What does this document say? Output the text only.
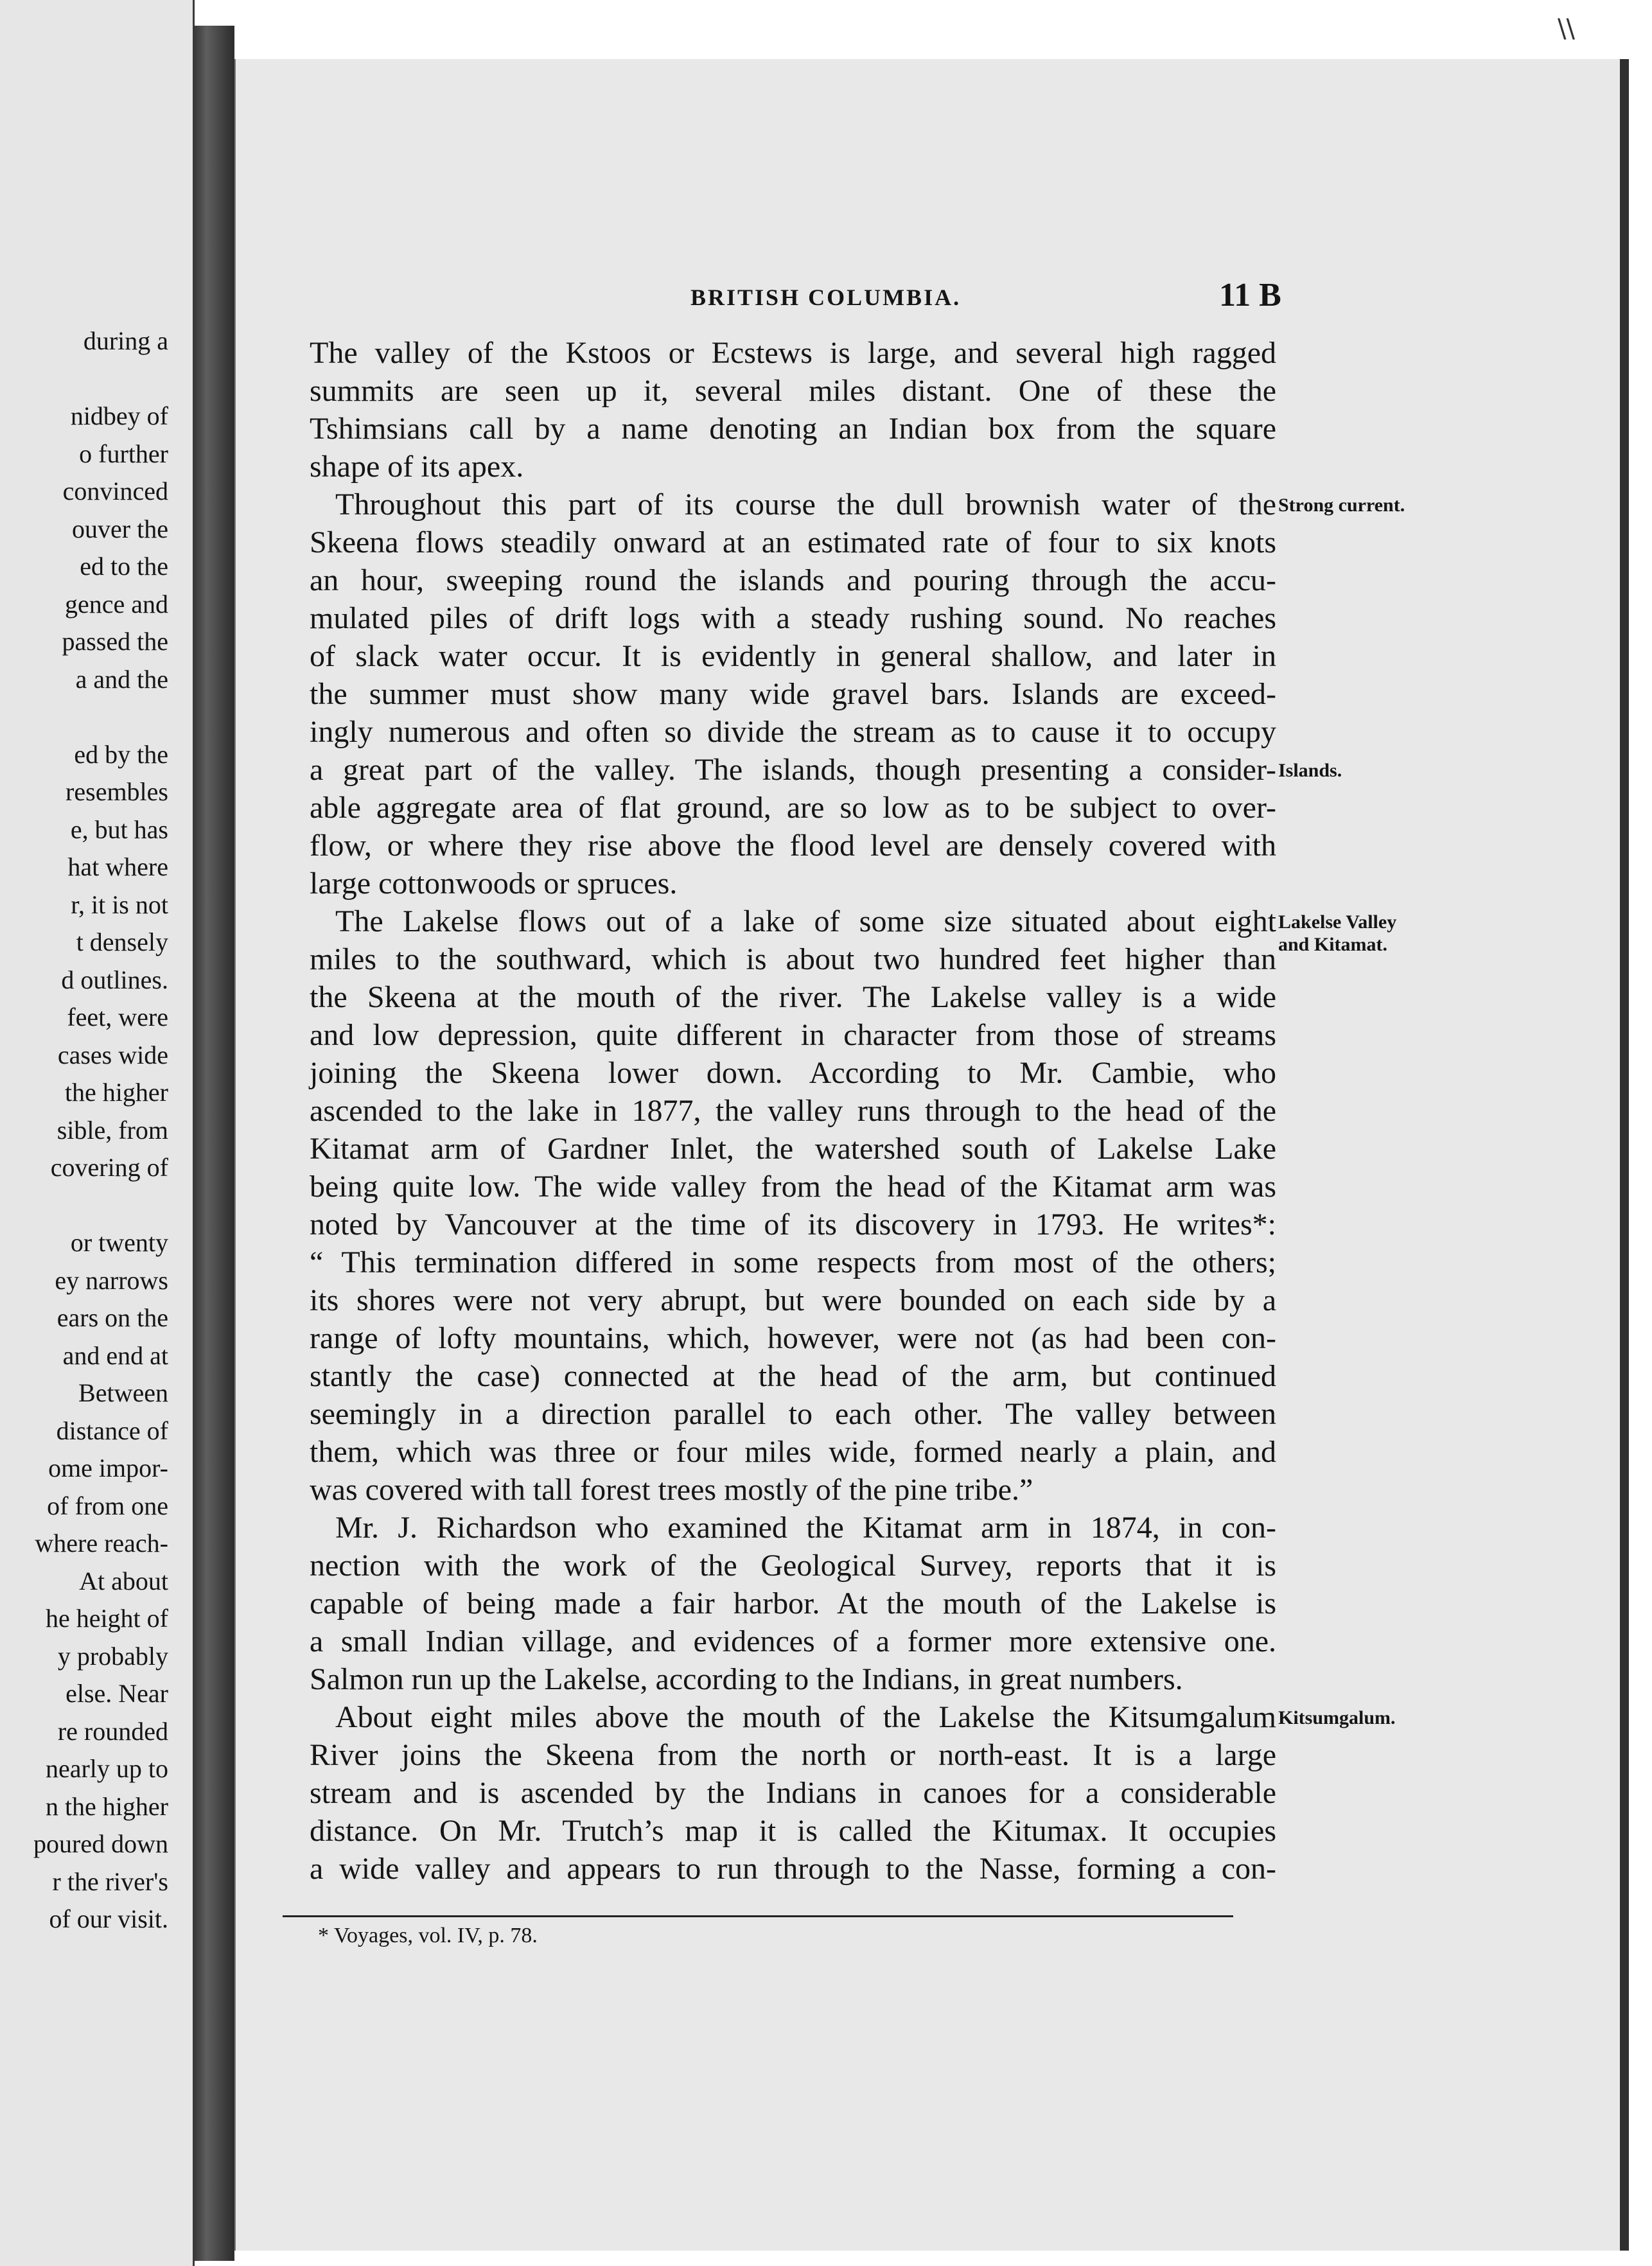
during a
nidbey of
o further
convinced
ouver the
ed to the
gence and
passed the
a and the
ed by the
resembles
e, but has
hat where
r, it is not
t densely
d outlines.
feet, were
cases wide
the higher
sible, from
covering of
or twenty
ey narrows
ears on the
and end at
Between
distance of
ome impor-
of from one
where reach-
At about
he height of
y probably
else. Near
re rounded
nearly up to
n the higher
poured down
r the river's
of our visit.
\\
BRITISH COLUMBIA.	11 B
The valley of the Kstoos or Ecstews is large, and several high ragged
summits are seen up it, several miles distant. One of these the
Tshimsians call by a name denoting an Indian box from the square
shape of its apex.
Throughout this part of its course the dull brownish water of the
Skeena flows steadily onward at an estimated rate of four to six knots
an hour, sweeping round the islands and pouring through the accu-
mulated piles of drift logs with a steady rushing sound. No reaches
of slack water occur. It is evidently in general shallow, and later in
the summer must show many wide gravel bars. Islands are exceed-
ingly numerous and often so divide the stream as to cause it to occupy
a great part of the valley. The islands, though presenting a consider-
able aggregate area of flat ground, are so low as to be subject to over-
flow, or where they rise above the flood level are densely covered with
large cottonwoods or spruces.
The Lakelse flows out of a lake of some size situated about eight
miles to the southward, which is about two hundred feet higher than
the Skeena at the mouth of the river. The Lakelse valley is a wide
and low depression, quite different in character from those of streams
joining the Skeena lower down. According to Mr. Cambie, who
ascended to the lake in 1877, the valley runs through to the head of the
Kitamat arm of Gardner Inlet, the watershed south of Lakelse Lake
being quite low. The wide valley from the head of the Kitamat arm was
noted by Vancouver at the time of its discovery in 1793. He writes*:
“ This termination differed in some respects from most of the others;
its shores were not very abrupt, but were bounded on each side by a
range of lofty mountains, which, however, were not (as had been con-
stantly the case) connected at the head of the arm, but continued
seemingly in a direction parallel to each other. The valley between
them, which was three or four miles wide, formed nearly a plain, and
was covered with tall forest trees mostly of the pine tribe.”
Mr. J. Richardson who examined the Kitamat arm in 1874, in con-
nection with the work of the Geological Survey, reports that it is
capable of being made a fair harbor. At the mouth of the Lakelse is
a small Indian village, and evidences of a former more extensive one.
Salmon run up the Lakelse, according to the Indians, in great numbers.
About eight miles above the mouth of the Lakelse the Kitsumgalum
River joins the Skeena from the north or north-east. It is a large
stream and is ascended by the Indians in canoes for a considerable
distance. On Mr. Trutch’s map it is called the Kitumax. It occupies
a wide valley and appears to run through to the Nasse, forming a con-
Strong current.
Islands.
Lakelse Valley
and Kitamat.
Kitsumgalum.
* Voyages, vol. IV, p. 78.
